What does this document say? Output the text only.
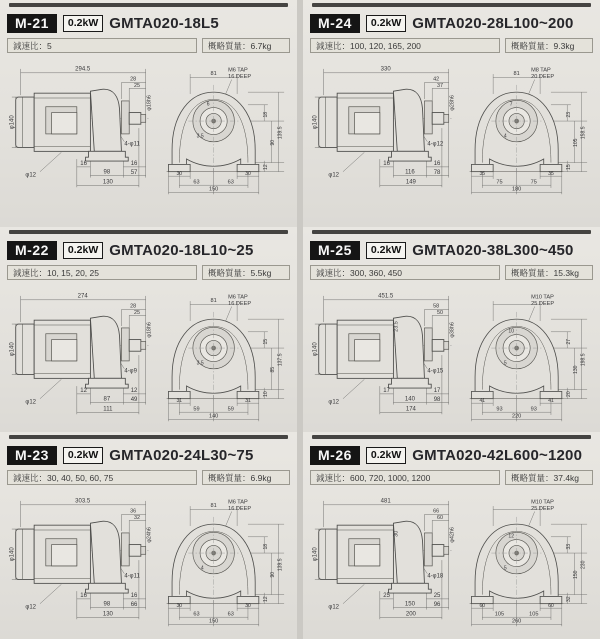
M-21	0.2kW GMTA020-18L5
減速比：5	概略質量：6.7kg
294.5
φ140
28
25
φ18h6
4-φ11
φ12
16
98
130
16
57
81
M6 TAP
16 DEEP
18
90
12
139.5
30	30
63	63
150
3.5
6
M-24	0.2kW GMTA020-28L100~200
減速比：100, 120, 165, 200	概略質量：9.3kg
330
φ140
42
37
φ28h6
4-φ12
φ12
16
116
149
16
78
81
M8 TAP
20 DEEP
23
105
15
158.5
35	35
75	75
180
4
7
M-22	0.2kW GMTA020-18L10~25
減速比：10, 15, 20, 25	概略質量：5.5kg
274
φ140
28
25
φ18h6
4-φ9
φ12
12
87
111
12
49
81
M6 TAP
16 DEEP
15
85
10
137.5
31	31
59	59
140
3.5
M-25	0.2kW GMTA020-38L300~450
減速比：300, 360, 450	概略質量：15.3kg
451.5
φ140
58
50
φ38h6
23.5
4-φ15
φ12
17
140
174
17
98
M10 TAP
25 DEEP
27
130
20
198.5
41	41
93	93
220
5
10
M-23	0.2kW GMTA020-24L30~75
減速比：30, 40, 50, 60, 75	概略質量：6.9kg
303.5
φ140
36
32
φ24h6
4-φ11
φ12
16
98
130
16
66
81
M6 TAP
16 DEEP
18
90
12
139.5
30	30
63	63
150
4
M-26	0.2kW GMTA020-42L600~1200
減速比：600, 720, 1000, 1200	概略質量：37.4kg
481
φ140
66
60
φ42h6
30
4-φ18
φ12
25
150
200
25
96
M10 TAP
25 DEEP
33
150
32
230
60	60
105	105
260
5
12
